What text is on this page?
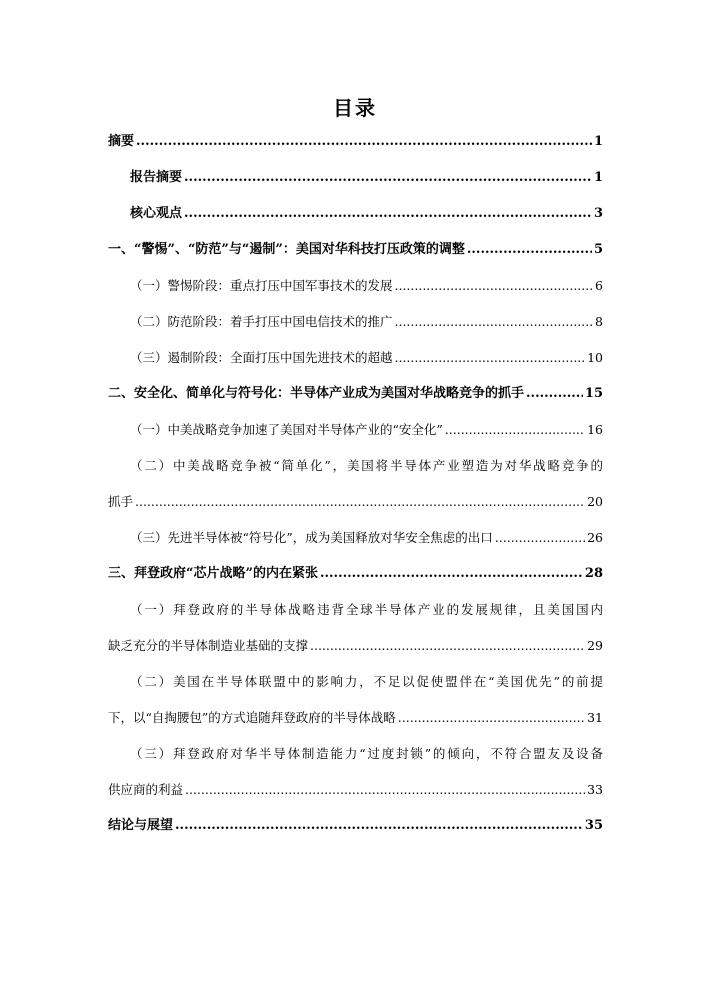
目录
摘要 .....	1
报告摘要 .....	1
核心观点 .....	3
一、“警惕”、“防范”与“遏制”：美国对华科技打压政策的调整 .....	5
（一）警惕阶段：重点打压中国军事技术的发展 .....	6
（二）防范阶段：着手打压中国电信技术的推广 .....	8
（三）遏制阶段：全面打压中国先进技术的超越 .....	10
二、安全化、简单化与符号化：半导体产业成为美国对华战略竞争的抓手 .....	15
（一）中美战略竞争加速了美国对半导体产业的“安全化” .....	16
（二）中美战略竞争被“简单化”，美国将半导体产业塑造为对华战略竞争的
抓手 .....	20
（三）先进半导体被“符号化”，成为美国释放对华安全焦虑的出口 .....	26
三、拜登政府“芯片战略”的内在紧张 .....	28
（一）拜登政府的半导体战略违背全球半导体产业的发展规律，且美国国内
缺乏充分的半导体制造业基础的支撑 .....	29
（二）美国在半导体联盟中的影响力，不足以促使盟伴在“美国优先”的前提
下，以“自掏腰包”的方式追随拜登政府的半导体战略 .....	31
（三）拜登政府对华半导体制造能力“过度封锁”的倾向，不符合盟友及设备
供应商的利益 .....	33
结论与展望 .....	35
